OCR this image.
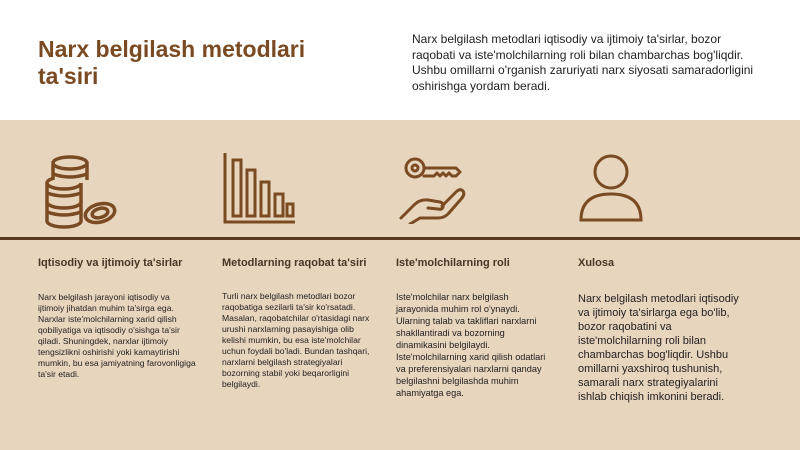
Narx belgilash metodlari ta'siri
Narx belgilash metodlari iqtisodiy va ijtimoiy ta'sirlar, bozor raqobati va iste'molchilarning roli bilan chambarchas bog'liqdir. Ushbu omillarni o'rganish zaruriyati narx siyosati samaradorligini oshirishga yordam beradi.
Iqtisodiy va ijtimoiy ta'sirlar
Narx belgilash jarayoni iqtisodiy va ijtimoiy jihatdan muhim ta'sirga ega. Narxlar iste'molchilarning xarid qilish qobiliyatiga va iqtisodiy o'sishga ta'sir qiladi. Shuningdek, narxlar ijtimoiy tengsizlikni oshirishi yoki kamaytirishi mumkin, bu esa jamiyatning farovonligiga ta'sir etadi.
Metodlarning raqobat ta'siri
Turli narx belgilash metodlari bozor raqobatiga sezilarli ta'sir ko'rsatadi. Masalan, raqobatchilar o'rtasidagi narx urushi narxlarning pasayishiga olib kelishi mumkin, bu esa iste'molchilar uchun foydali bo'ladi. Bundan tashqari, narxlarni belgilash strategiyalari bozorning stabil yoki beqarorligini belgilaydi.
Iste'molchilarning roli
Iste'molchilar narx belgilash jarayonida muhim rol o'ynaydi. Ularning talab va takliflari narxlarni shakllantiradi va bozorning dinamikasini belgilaydi. Iste'molchilarning xarid qilish odatlari va preferensiyalari narxlarni qanday belgilashni belgilashda muhim ahamiyatga ega.
Xulosa
Narx belgilash metodlari iqtisodiy va ijtimoiy ta'sirlarga ega bo'lib, bozor raqobatini va iste'molchilarning roli bilan chambarchas bog'liqdir. Ushbu omillarni yaxshiroq tushunish, samarali narx strategiyalarini ishlab chiqish imkonini beradi.
